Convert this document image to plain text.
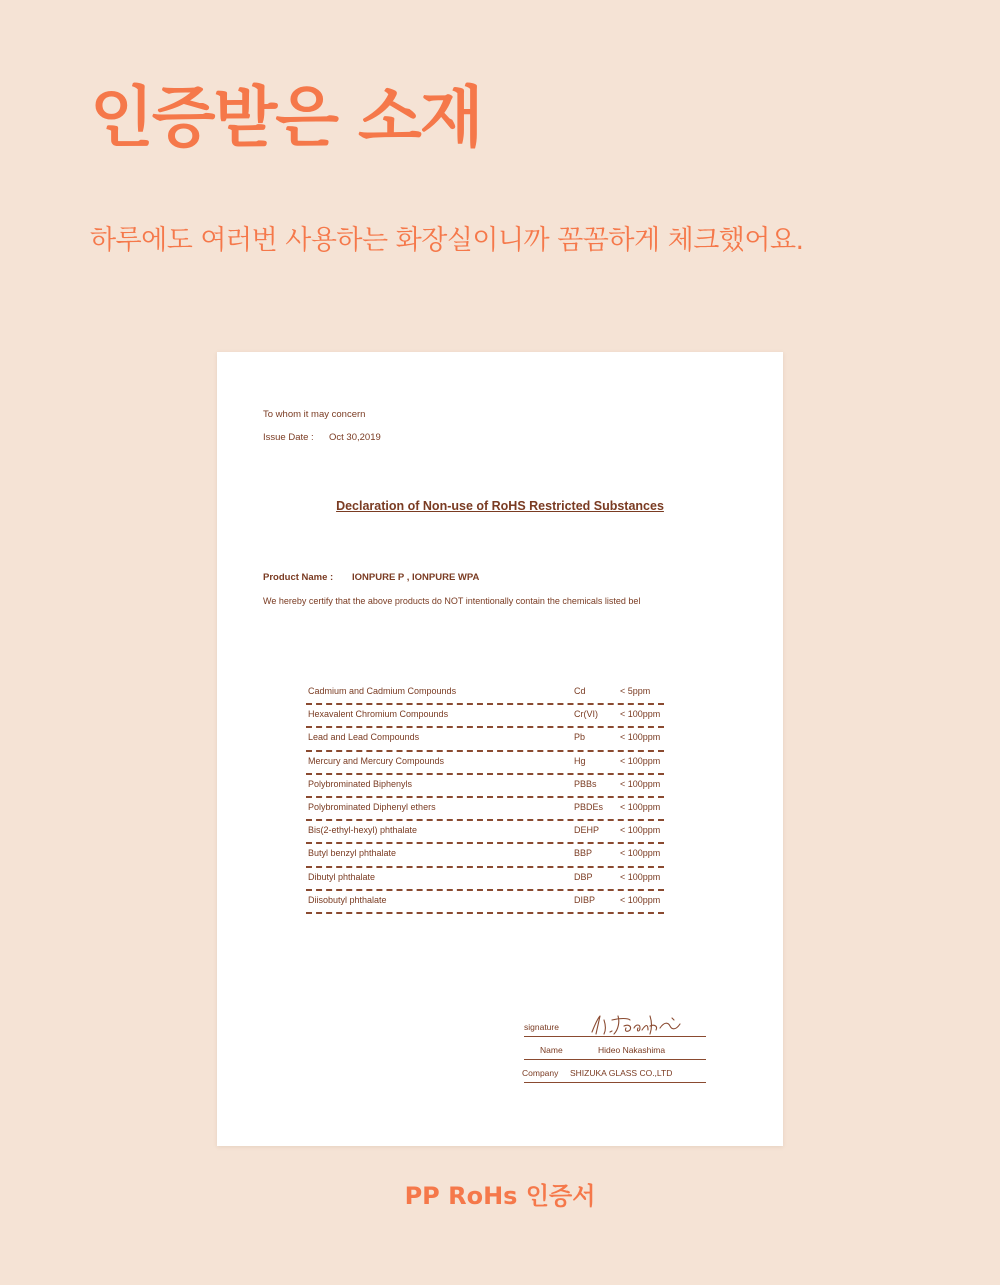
인증받은 소재

하루에도 여러번 사용하는 화장실이니까 꼼꼼하게 체크했어요.

To whom it may concern
Issue Date : Oct 30,2019
Declaration of Non-use of RoHS Restricted Substances
Product Name : IONPURE P , IONPURE WPA
We hereby certify that the above products do NOT intentionally contain the chemicals listed bel
Cadmium and Cadmium Compounds	Cd	< 5ppm
Hexavalent Chromium Compounds	Cr(VI) < 100ppm
Lead and Lead Compounds	Pb	< 100ppm
Mercury and Mercury Compounds	Hg	< 100ppm
Polybrominated Biphenyls	PBBs	< 100ppm
Polybrominated Diphenyl ethers	PBDEs < 100ppm
Bis(2-ethyl-hexyl) phthalate	DEHP < 100ppm
Butyl benzyl phthalate	BBP	< 100ppm
Dibutyl phthalate	DBP	< 100ppm
Diisobutyl phthalate	DIBP	< 100ppm
signature
Name	Hideo Nakashima
Company SHIZUKA GLASS CO.,LTD

PP RoHs 인증서
